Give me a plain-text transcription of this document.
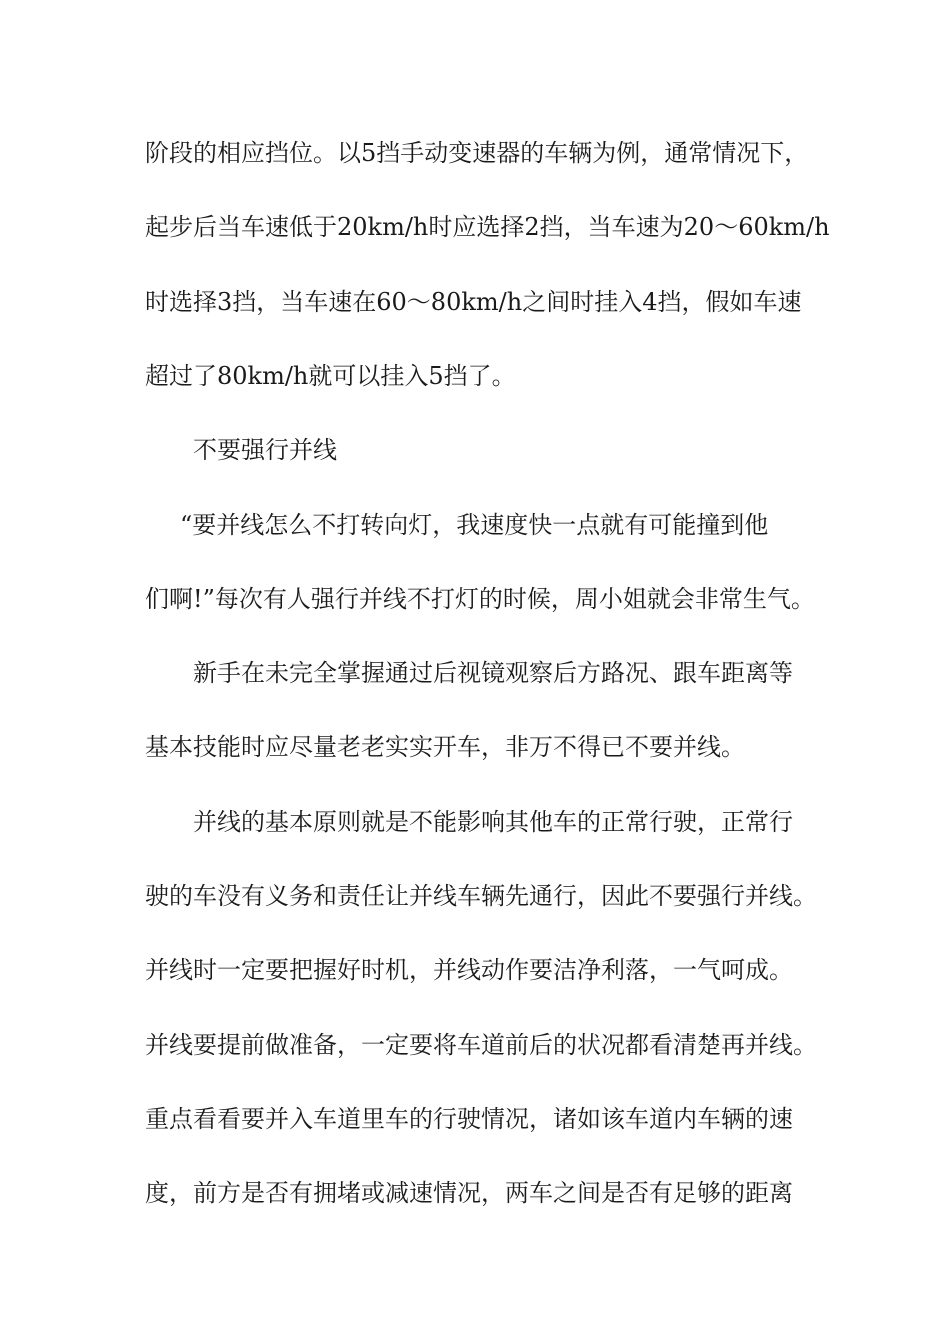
阶段的相应挡位。以5挡手动变速器的车辆为例，通常情况下，
起步后当车速低于20km/h时应选择2挡，当车速为20～60km/h
时选择3挡，当车速在60～80km/h之间时挂入4挡，假如车速
超过了80km/h就可以挂入5挡了。
不要强行并线
“要并线怎么不打转向灯，我速度快一点就有可能撞到他
们啊!”每次有人强行并线不打灯的时候，周小姐就会非常生气。
新手在未完全掌握通过后视镜观察后方路况、跟车距离等
基本技能时应尽量老老实实开车，非万不得已不要并线。
并线的基本原则就是不能影响其他车的正常行驶，正常行
驶的车没有义务和责任让并线车辆先通行，因此不要强行并线。
并线时一定要把握好时机，并线动作要洁净利落，一气呵成。
并线要提前做准备，一定要将车道前后的状况都看清楚再并线。
重点看看要并入车道里车的行驶情况，诸如该车道内车辆的速
度，前方是否有拥堵或减速情况，两车之间是否有足够的距离
